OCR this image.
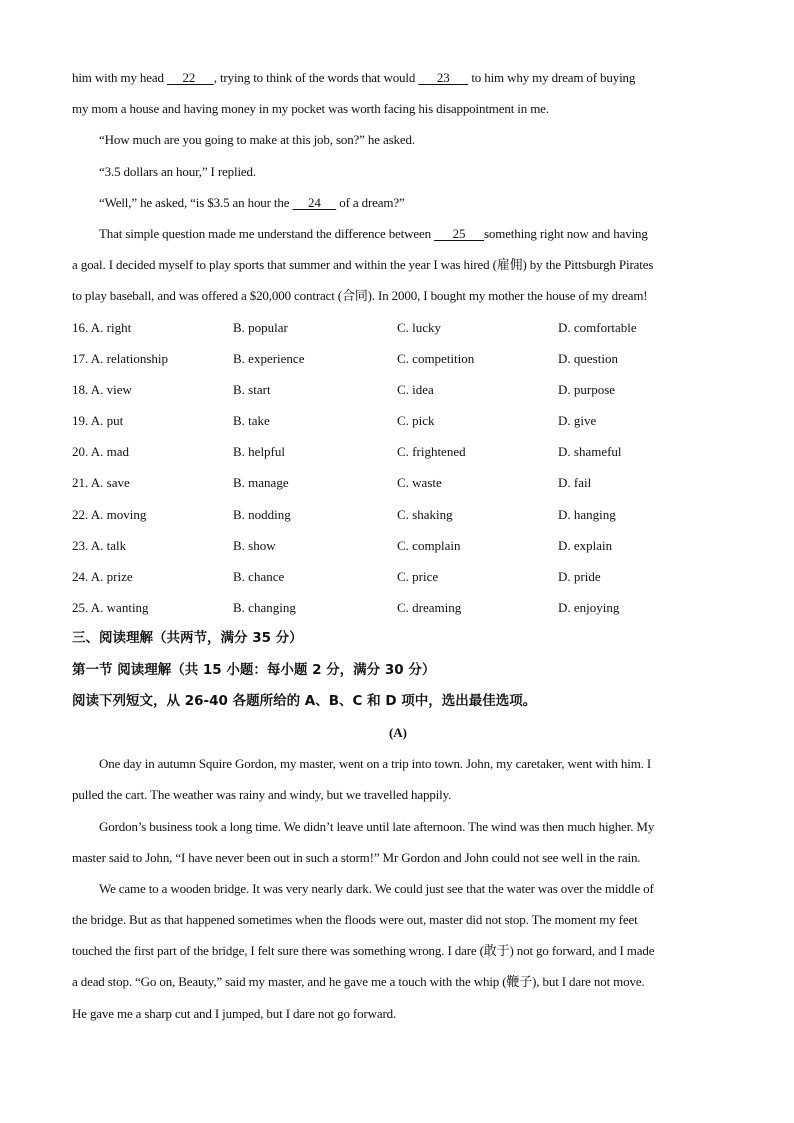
him with my head      22      , trying to think of the words that would       23       to him why my dream of buying
my mom a house and having money in my pocket was worth facing his disappointment in me.
“How much are you going to make at this job, son?” he asked.
“3.5 dollars an hour,” I replied.
“Well,” he asked, “is $3.5 an hour the      24      of a dream?”
That simple question made me understand the difference between       25      something right now and having
a goal. I decided myself to play sports that summer and within the year I was hired (雇佣) by the Pittsburgh Pirates
to play baseball, and was offered a $20,000 contract (合同). In 2000, I bought my mother the house of my dream!
16. A. right	B. popular	C. lucky	D. comfortable
17. A. relationship	B. experience	C. competition	D. question
18. A. view	B. start	C. idea	D. purpose
19. A. put	B. take	C. pick	D. give
20. A. mad	B. helpful	C. frightened	D. shameful
21. A. save	B. manage	C. waste	D. fail
22. A. moving	B. nodding	C. shaking	D. hanging
23. A. talk	B. show	C. complain	D. explain
24. A. prize	B. chance	C. price	D. pride
25. A. wanting	B. changing	C. dreaming	D. enjoying
三、阅读理解（共两节，满分 35 分）
第一节 阅读理解（共 15 小题：每小题 2 分，满分 30 分）
阅读下列短文，从 26-40 各题所给的 A、B、C 和 D 项中，选出最佳选项。
(A)
One day in autumn Squire Gordon, my master, went on a trip into town. John, my caretaker, went with him. I
pulled the cart. The weather was rainy and windy, but we travelled happily.
Gordon’s business took a long time. We didn’t leave until late afternoon. The wind was then much higher. My
master said to John, “I have never been out in such a storm!” Mr Gordon and John could not see well in the rain.
We came to a wooden bridge. It was very nearly dark. We could just see that the water was over the middle of
the bridge. But as that happened sometimes when the floods were out, master did not stop. The moment my feet
touched the first part of the bridge, I felt sure there was something wrong. I dare (敢于) not go forward, and I made
a dead stop. “Go on, Beauty,” said my master, and he gave me a touch with the whip (鞭子), but I dare not move.
He gave me a sharp cut and I jumped, but I dare not go forward.
